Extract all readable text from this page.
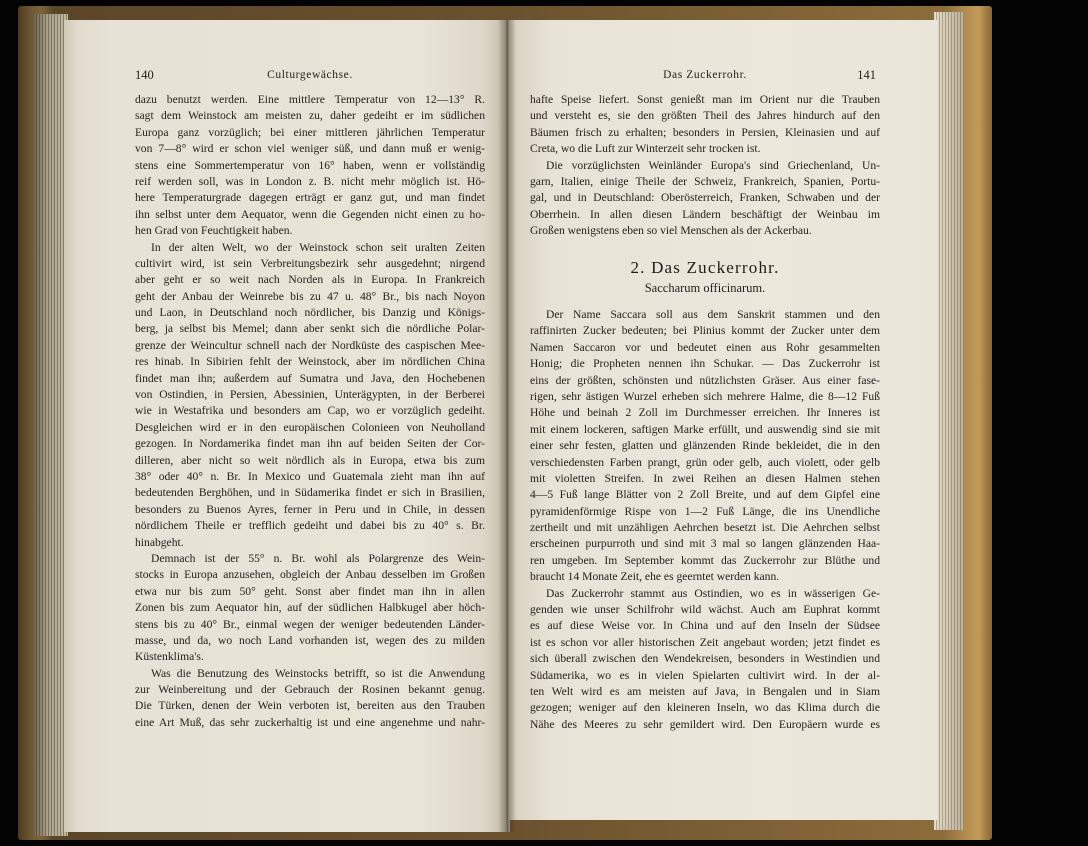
140	Culturgewächse.	Das Zuckerrohr.	141
dazu benutzt werden. Eine mittlere Temperatur von 12—13° R.
sagt dem Weinstock am meisten zu, daher gedeiht er im südlichen
Europa ganz vorzüglich; bei einer mittleren jährlichen Temperatur
von 7—8° wird er schon viel weniger süß, und dann muß er wenig-
stens eine Sommertemperatur von 16° haben, wenn er vollständig
reif werden soll, was in London z. B. nicht mehr möglich ist. Hö-
here Temperaturgrade dagegen erträgt er ganz gut, und man findet
ihn selbst unter dem Aequator, wenn die Gegenden nicht einen zu ho-
hen Grad von Feuchtigkeit haben.
In der alten Welt, wo der Weinstock schon seit uralten Zeiten
cultivirt wird, ist sein Verbreitungsbezirk sehr ausgedehnt; nirgend
aber geht er so weit nach Norden als in Europa. In Frankreich
geht der Anbau der Weinrebe bis zu 47 u. 48° Br., bis nach Noyon
und Laon, in Deutschland noch nördlicher, bis Danzig und Königs-
berg, ja selbst bis Memel; dann aber senkt sich die nördliche Polar-
grenze der Weincultur schnell nach der Nordküste des caspischen Mee-
res hinab. In Sibirien fehlt der Weinstock, aber im nördlichen China
findet man ihn; außerdem auf Sumatra und Java, den Hochebenen
von Ostindien, in Persien, Abessinien, Unterägypten, in der Berberei
wie in Westafrika und besonders am Cap, wo er vorzüglich gedeiht.
Desgleichen wird er in den europäischen Colonieen von Neuholland
gezogen. In Nordamerika findet man ihn auf beiden Seiten der Cor-
dilleren, aber nicht so weit nördlich als in Europa, etwa bis zum
38° oder 40° n. Br. In Mexico und Guatemala zieht man ihn auf
bedeutenden Berghöhen, und in Südamerika findet er sich in Brasilien,
besonders zu Buenos Ayres, ferner in Peru und in Chile, in dessen
nördlichem Theile er trefflich gedeiht und dabei bis zu 40° s. Br.
hinabgeht.
Demnach ist der 55° n. Br. wohl als Polargrenze des Wein-
stocks in Europa anzusehen, obgleich der Anbau desselben im Großen
etwa nur bis zum 50° geht. Sonst aber findet man ihn in allen
Zonen bis zum Aequator hin, auf der südlichen Halbkugel aber höch-
stens bis zu 40° Br., einmal wegen der weniger bedeutenden Länder-
masse, und da, wo noch Land vorhanden ist, wegen des zu milden
Küstenklima's.
Was die Benutzung des Weinstocks betrifft, so ist die Anwendung
zur Weinbereitung und der Gebrauch der Rosinen bekannt genug.
Die Türken, denen der Wein verboten ist, bereiten aus den Trauben
eine Art Muß, das sehr zuckerhaltig ist und eine angenehme und nahr-
hafte Speise liefert. Sonst genießt man im Orient nur die Trauben
und versteht es, sie den größten Theil des Jahres hindurch auf den
Bäumen frisch zu erhalten; besonders in Persien, Kleinasien und auf
Creta, wo die Luft zur Winterzeit sehr trocken ist.
Die vorzüglichsten Weinländer Europa's sind Griechenland, Un-
garn, Italien, einige Theile der Schweiz, Frankreich, Spanien, Portu-
gal, und in Deutschland: Oberösterreich, Franken, Schwaben und der
Oberrhein. In allen diesen Ländern beschäftigt der Weinbau im
Großen wenigstens eben so viel Menschen als der Ackerbau.
2. Das Zuckerrohr.
Saccharum officinarum.
Der Name Saccara soll aus dem Sanskrit stammen und den
raffinirten Zucker bedeuten; bei Plinius kommt der Zucker unter dem
Namen Saccaron vor und bedeutet einen aus Rohr gesammelten
Honig; die Propheten nennen ihn Schukar. — Das Zuckerrohr ist
eins der größten, schönsten und nützlichsten Gräser. Aus einer fase-
rigen, sehr ästigen Wurzel erheben sich mehrere Halme, die 8—12 Fuß
Höhe und beinah 2 Zoll im Durchmesser erreichen. Ihr Inneres ist
mit einem lockeren, saftigen Marke erfüllt, und auswendig sind sie mit
einer sehr festen, glatten und glänzenden Rinde bekleidet, die in den
verschiedensten Farben prangt, grün oder gelb, auch violett, oder gelb
mit violetten Streifen. In zwei Reihen an diesen Halmen stehen
4—5 Fuß lange Blätter von 2 Zoll Breite, und auf dem Gipfel eine
pyramidenförmige Rispe von 1—2 Fuß Länge, die ins Unendliche
zertheilt und mit unzähligen Aehrchen besetzt ist. Die Aehrchen selbst
erscheinen purpurroth und sind mit 3 mal so langen glänzenden Haa-
ren umgeben. Im September kommt das Zuckerrohr zur Blüthe und
braucht 14 Monate Zeit, ehe es geerntet werden kann.
Das Zuckerrohr stammt aus Ostindien, wo es in wässerigen Ge-
genden wie unser Schilfrohr wild wächst. Auch am Euphrat kommt
es auf diese Weise vor. In China und auf den Inseln der Südsee
ist es schon vor aller historischen Zeit angebaut worden; jetzt findet es
sich überall zwischen den Wendekreisen, besonders in Westindien und
Südamerika, wo es in vielen Spielarten cultivirt wird. In der al-
ten Welt wird es am meisten auf Java, in Bengalen und in Siam
gezogen; weniger auf den kleineren Inseln, wo das Klima durch die
Nähe des Meeres zu sehr gemildert wird. Den Europäern wurde es
